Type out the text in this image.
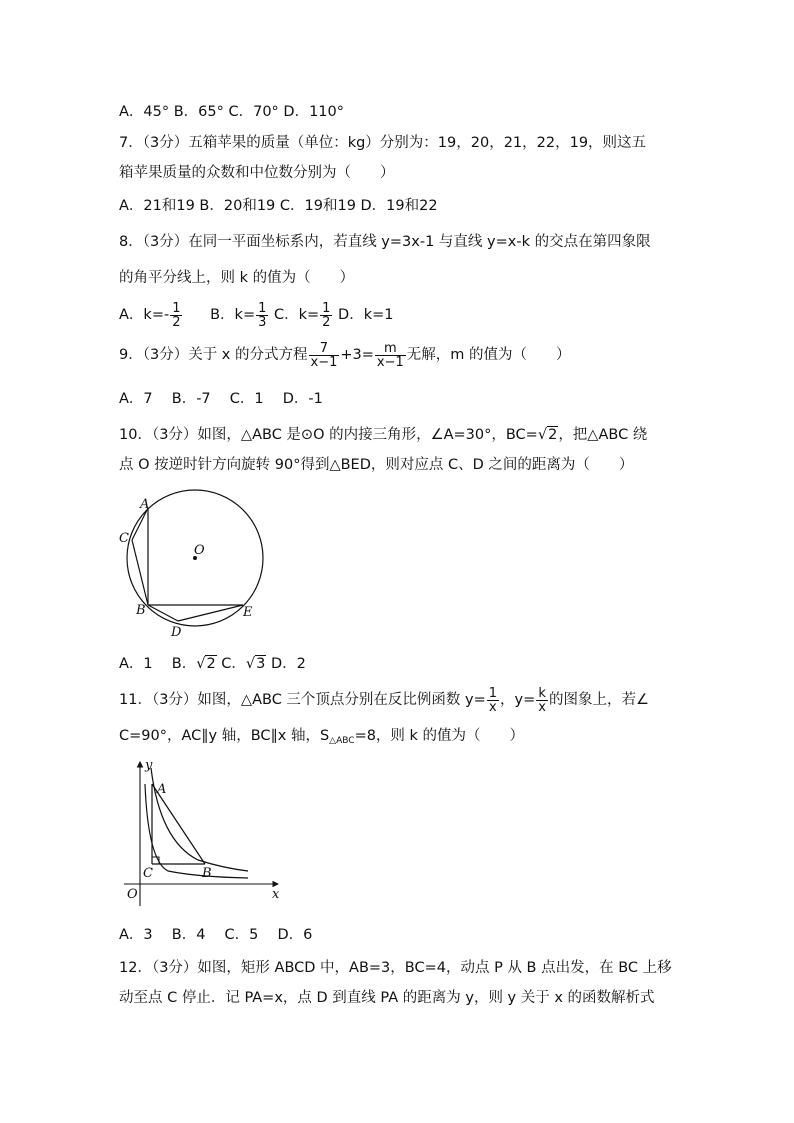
A．45° B．65° C．70° D．110°
7．（3分）五箱苹果的质量（单位：kg）分别为：19，20，21，22，19，则这五
箱苹果质量的众数和中位数分别为（　　）
A．21和19 B．20和19 C．19和19 D．19和22
8．（3分）在同一平面坐标系内，若直线 y=3x-1 与直线 y=x-k 的交点在第四象限
的角平分线上，则 k 的值为（　　）
A．$k=- \frac{1}{2}$ B．$k= \frac{1}{3}$ C．$k= \frac{1}{2}$ D．k=1
9．（3分）关于 x 的分式方程 $\frac{7}{x-1} +3= \frac{m}{x-1}$ 无解，m 的值为（　　）
A．7　 B．-7　 C．1　 D．-1
10．（3分）如图，△ABC 是⊙O 的内接三角形，∠A=30°，BC=√2，把△ABC 绕
点 O 按逆时针方向旋转 90°得到△BED，则对应点 C、D 之间的距离为（　　）
A
C
O
B
D
E
A．1　 B．√2 C．√3 D．2
11．（3分）如图，△ABC 三个顶点分别在反比例函数 $y= \frac{1}{x}$ ，$y= \frac{k}{x}$ 的图象上，若∠
C=90°，AC∥y 轴，BC∥x 轴，$S_{\triangle ABC}=8$，则 k 的值为（　　）
y
A
C	B
O	x
A．3　 B．4　 C．5　 D．6
12．（3分）如图，矩形 ABCD 中，AB=3，BC=4，动点 P 从 B 点出发，在 BC 上移
动至点 C 停止．记 PA=x，点 D 到直线 PA 的距离为 y，则 y 关于 x 的函数解析式
